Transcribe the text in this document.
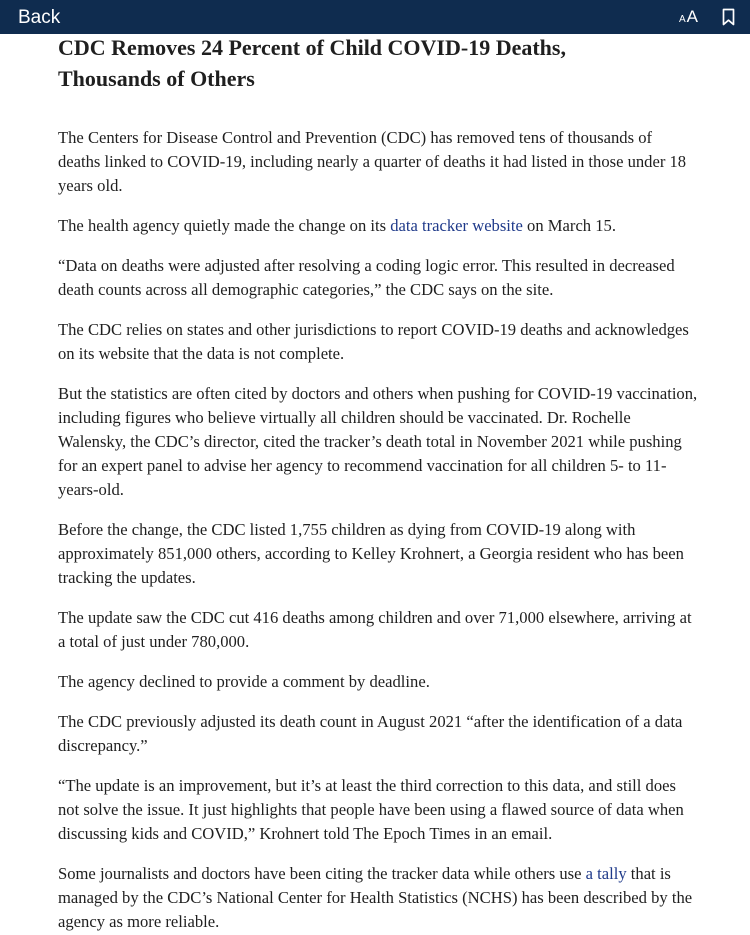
Back	A A
CDC Removes 24 Percent of Child COVID-19 Deaths,
Thousands of Others

The Centers for Disease Control and Prevention (CDC) has removed tens of thousands of deaths linked to COVID-19, including nearly a quarter of deaths it had listed in those under 18 years old.

The health agency quietly made the change on its data tracker website on March 15.

“Data on deaths were adjusted after resolving a coding logic error. This resulted in decreased death counts across all demographic categories,” the CDC says on the site.

The CDC relies on states and other jurisdictions to report COVID-19 deaths and acknowledges on its website that the data is not complete.

But the statistics are often cited by doctors and others when pushing for COVID-19 vaccination, including figures who believe virtually all children should be vaccinated. Dr. Rochelle Walensky, the CDC’s director, cited the tracker’s death total in November 2021 while pushing for an expert panel to advise her agency to recommend vaccination for all children 5- to 11-years-old.

Before the change, the CDC listed 1,755 children as dying from COVID-19 along with approximately 851,000 others, according to Kelley Krohnert, a Georgia resident who has been tracking the updates.

The update saw the CDC cut 416 deaths among children and over 71,000 elsewhere, arriving at a total of just under 780,000.

The agency declined to provide a comment by deadline.

The CDC previously adjusted its death count in August 2021 “after the identification of a data discrepancy.”

“The update is an improvement, but it’s at least the third correction to this data, and still does not solve the issue. It just highlights that people have been using a flawed source of data when discussing kids and COVID,” Krohnert told The Epoch Times in an email.

Some journalists and doctors have been citing the tracker data while others use a tally that is managed by the CDC’s National Center for Health Statistics (NCHS) has been described by the agency as more reliable.
